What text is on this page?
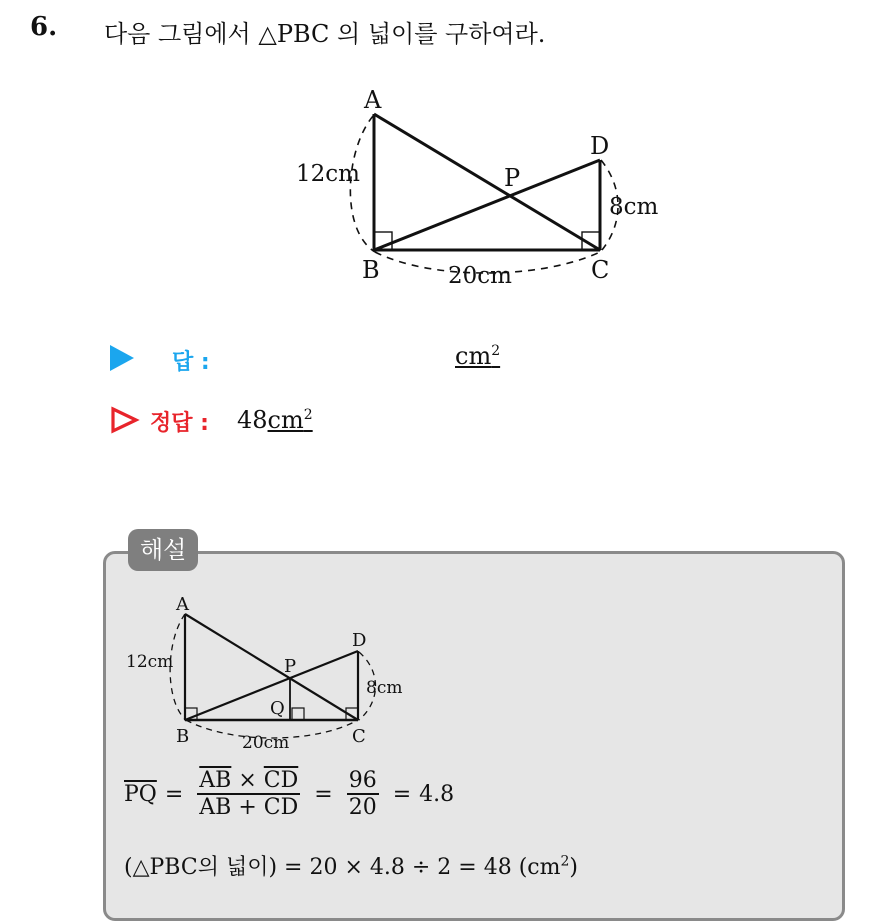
6. 다음 그림에서 △PBC 의 넓이를 구하여라.
A
B	C
D
P
12cm
8cm
20cm
답 :	$cm^2$
정답 : $48cm^2$
해설
A
B	C
D
P
Q
12cm
8cm
20cm
$\overline{PQ} = \frac{\overline{AB} \times \overline{CD}}{\overline{AB} + \overline{CD}} = \frac{96}{20} = 4.8$
(△PBC의 넓이) = 20 × 4.8 ÷ 2 = 48 $(cm^2)$
